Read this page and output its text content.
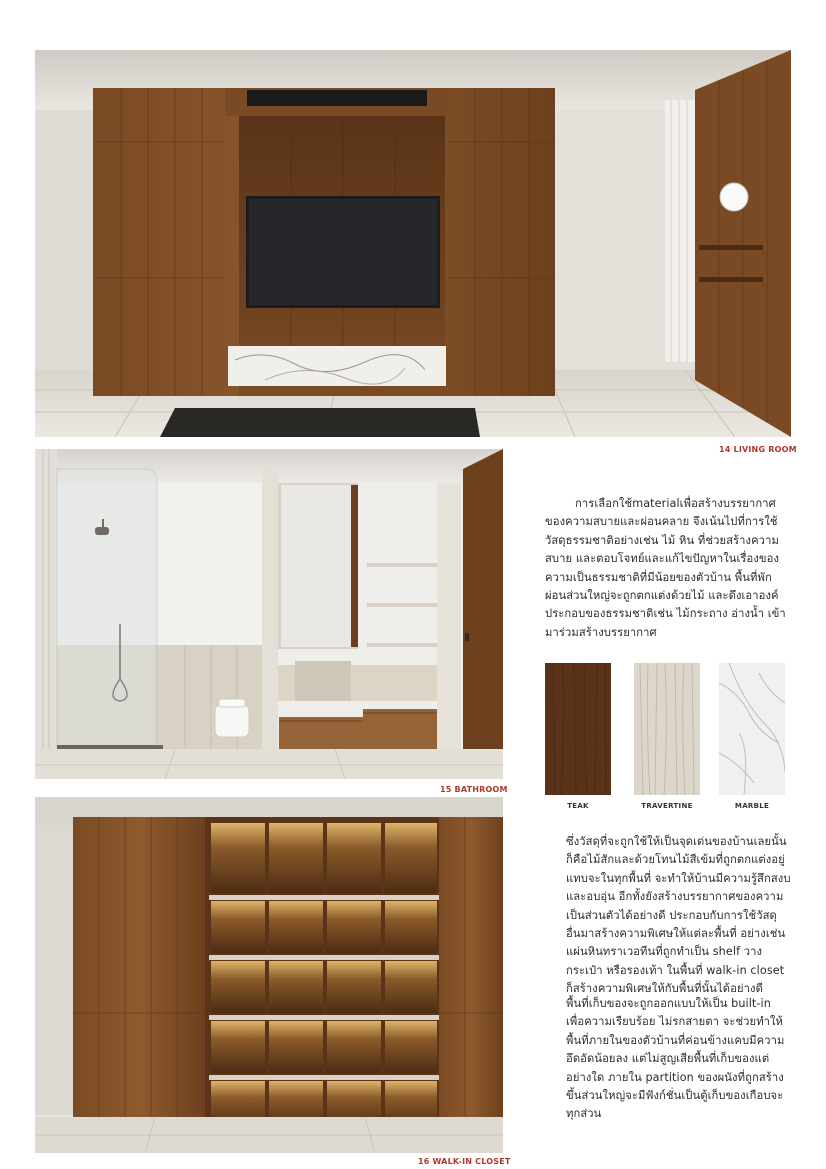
14 LIVING ROOM
15 BATHROOM

การเลือกใช้materialเพื่อสร้างบรรยากาศของความสบายและผ่อนคลาย จึงเน้นไปที่การใช้วัสดุธรรมชาติอย่างเช่น ไม้ หิน ที่ช่วยสร้างความสบาย และตอบโจทย์และแก้ไขปัญหาในเรื่องของความเป็นธรรมชาติที่มีน้อยของตัวบ้าน พื้นที่พักผ่อนส่วนใหญ่จะถูกตกแต่งด้วยไม้ และดึงเอาองค์ประกอบของธรรมชาติเช่น ไม้กระถาง อ่างน้ำ เข้ามาร่วมสร้างบรรยากาศ

TEAK	TRAVERTINE	MARBLE

ซึ่งวัสดุที่จะถูกใช้ให้เป็นจุดเด่นของบ้านเลยนั้นก็คือไม้สักและด้วยโทนไม้สีเข้มที่ถูกตกแต่งอยู่แทบจะในทุกพื้นที่ จะทำให้บ้านมีความรู้สึกสงบ และอบอุ่น อีกทั้งยังสร้างบรรยากาศของความเป็นส่วนตัวได้อย่างดี ประกอบกับการใช้วัสดุอื่นมาสร้างความพิเศษให้แต่ละพื้นที่ อย่างเช่น แผ่นหินทราเวอทีนที่ถูกทำเป็น shelf วางกระเป๋า หรือรองเท้า ในพื้นที่ walk-in closet ก็สร้างความพิเศษให้กับพื้นที่นั้นได้อย่างดี

พื้นที่เก็บของจะถูกออกแบบให้เป็น built-in เพื่อความเรียบร้อย ไม่รกสายตา จะช่วยทำให้พื้นที่ภายในของตัวบ้านที่ค่อนข้างแคบมีความอึดอัดน้อยลง แต่ไม่สูญเสียพื้นที่เก็บของแต่อย่างใด ภายใน partition ของผนังที่ถูกสร้างขึ้นส่วนใหญ่จะมีฟังก์ชั่นเป็นตู้เก็บของเกือบจะทุกส่วน

16 WALK-IN CLOSET
